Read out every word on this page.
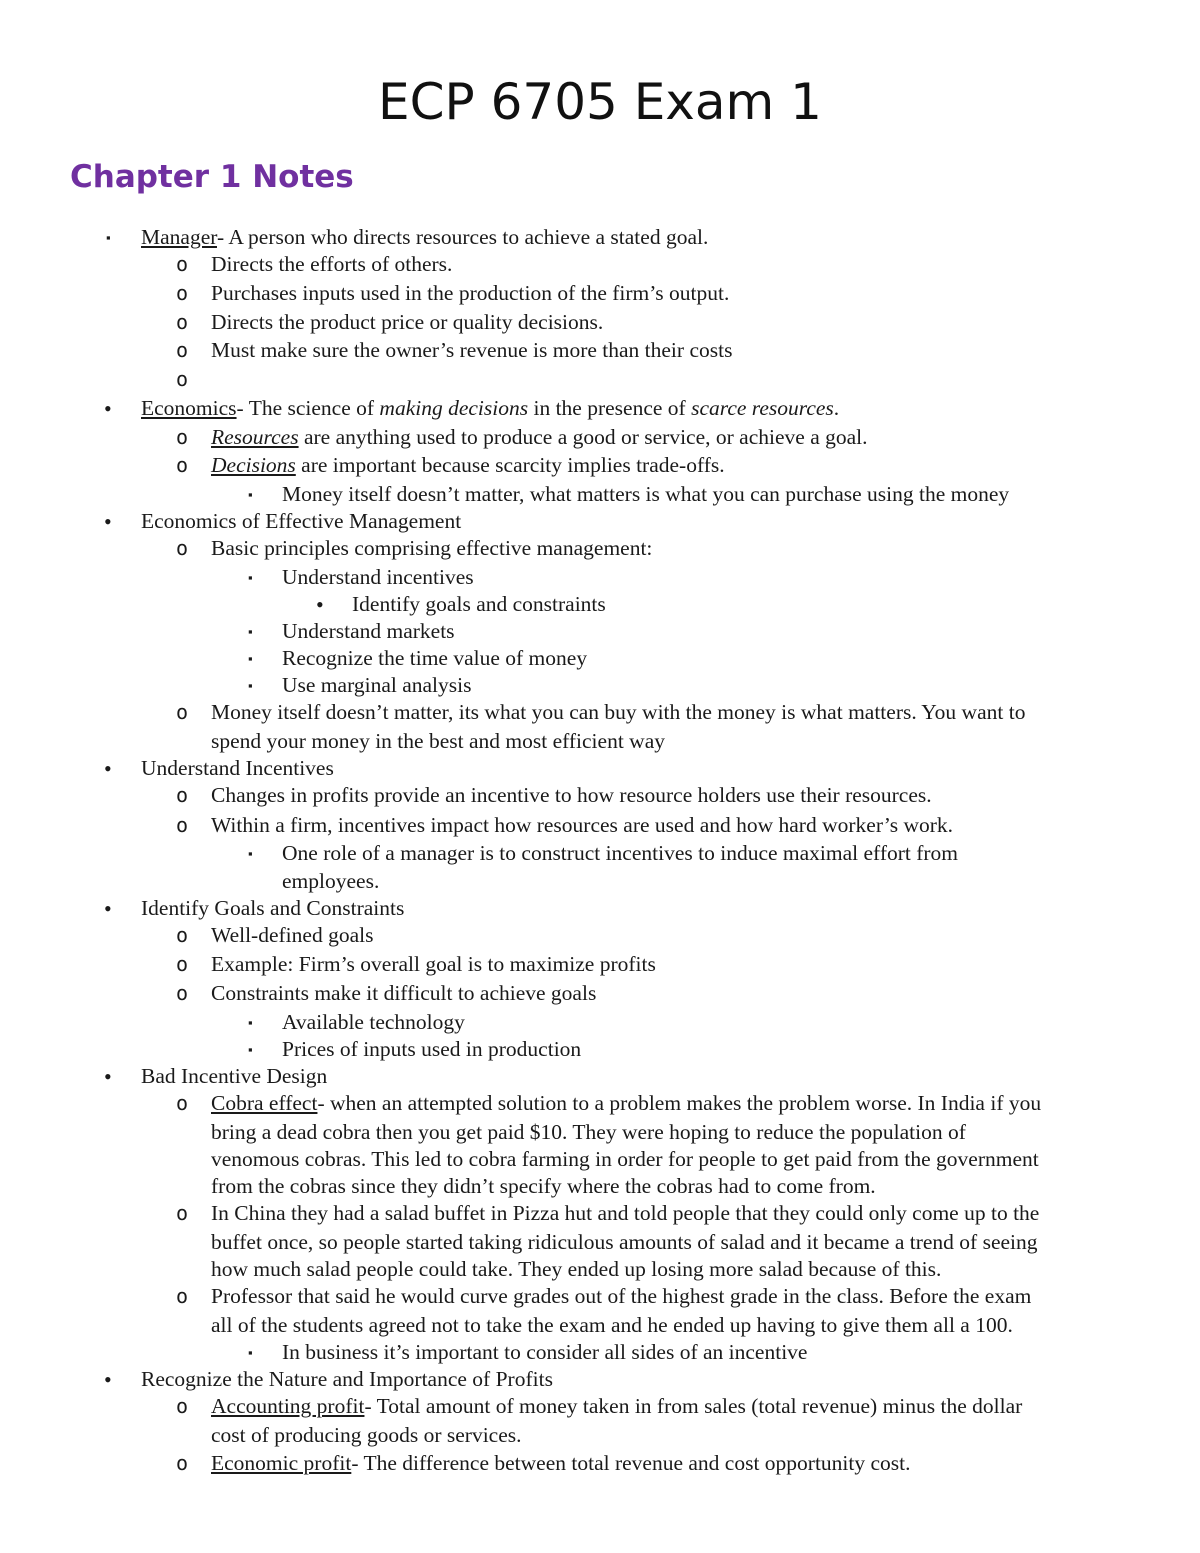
ECP 6705 Exam 1
Chapter 1 Notes
▪ Manager- A person who directs resources to achieve a stated goal.
o Directs the efforts of others.
o Purchases inputs used in the production of the firm’s output.
o Directs the product price or quality decisions.
o Must make sure the owner’s revenue is more than their costs
o
• Economics- The science of making decisions in the presence of scarce resources.
o Resources are anything used to produce a good or service, or achieve a goal.
o Decisions are important because scarcity implies trade-offs.
▪ Money itself doesn’t matter, what matters is what you can purchase using the money
• Economics of Effective Management
o Basic principles comprising effective management:
▪ Understand incentives
• Identify goals and constraints
▪ Understand markets
▪ Recognize the time value of money
▪ Use marginal analysis
o Money itself doesn’t matter, its what you can buy with the money is what matters. You want to
spend your money in the best and most efficient way
• Understand Incentives
o Changes in profits provide an incentive to how resource holders use their resources.
o Within a firm, incentives impact how resources are used and how hard worker’s work.
▪ One role of a manager is to construct incentives to induce maximal effort from
employees.
• Identify Goals and Constraints
o Well-defined goals
o Example: Firm’s overall goal is to maximize profits
o Constraints make it difficult to achieve goals
▪ Available technology
▪ Prices of inputs used in production
• Bad Incentive Design
o Cobra effect- when an attempted solution to a problem makes the problem worse. In India if you
bring a dead cobra then you get paid $10. They were hoping to reduce the population of
venomous cobras. This led to cobra farming in order for people to get paid from the government
from the cobras since they didn’t specify where the cobras had to come from.
o In China they had a salad buffet in Pizza hut and told people that they could only come up to the
buffet once, so people started taking ridiculous amounts of salad and it became a trend of seeing
how much salad people could take. They ended up losing more salad because of this.
o Professor that said he would curve grades out of the highest grade in the class. Before the exam
all of the students agreed not to take the exam and he ended up having to give them all a 100.
▪ In business it’s important to consider all sides of an incentive
• Recognize the Nature and Importance of Profits
o Accounting profit- Total amount of money taken in from sales (total revenue) minus the dollar
cost of producing goods or services.
o Economic profit- The difference between total revenue and cost opportunity cost.
